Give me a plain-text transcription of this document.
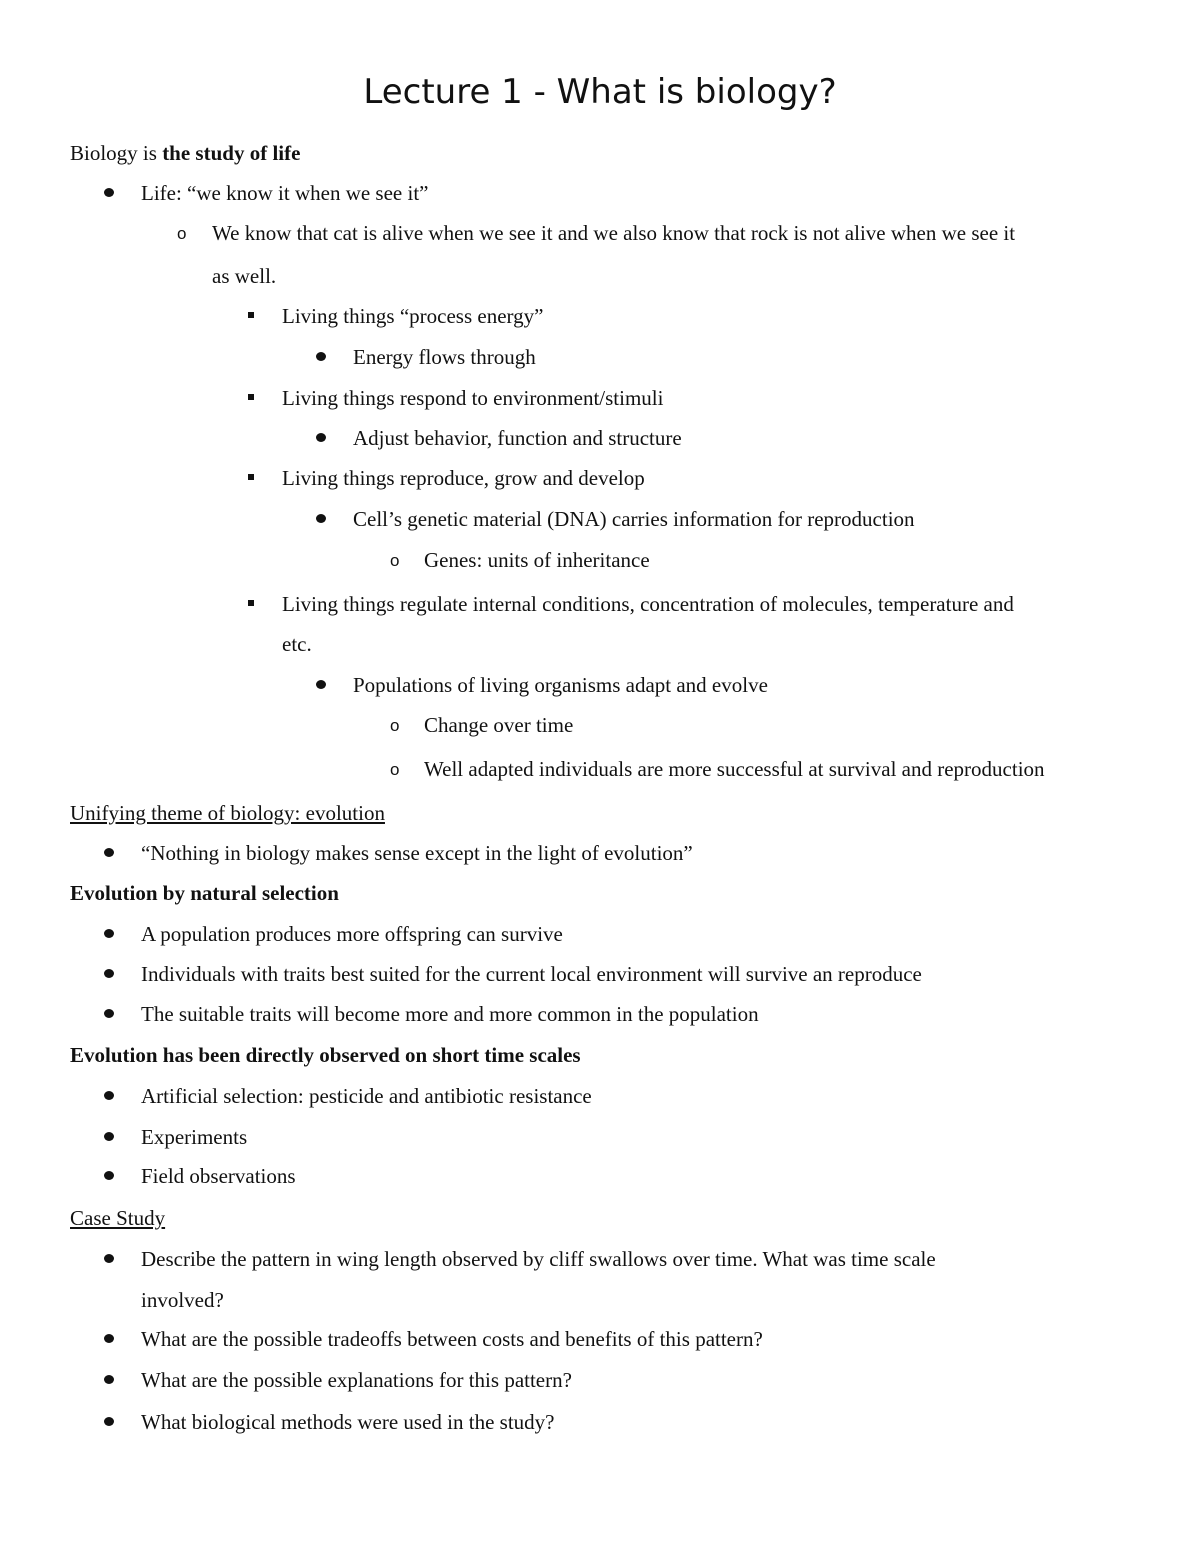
Lecture 1 - What is biology?
Biology is the study of life
Life: “we know it when we see it”
o We know that cat is alive when we see it and we also know that rock is not alive when we see it
as well.
Living things “process energy”
Energy flows through
Living things respond to environment/stimuli
Adjust behavior, function and structure
Living things reproduce, grow and develop
Cell’s genetic material (DNA) carries information for reproduction
o Genes: units of inheritance
Living things regulate internal conditions, concentration of molecules, temperature and
etc.
Populations of living organisms adapt and evolve
o Change over time
o Well adapted individuals are more successful at survival and reproduction
Unifying theme of biology: evolution
“Nothing in biology makes sense except in the light of evolution”
Evolution by natural selection
A population produces more offspring can survive
Individuals with traits best suited for the current local environment will survive an reproduce
The suitable traits will become more and more common in the population
Evolution has been directly observed on short time scales
Artificial selection: pesticide and antibiotic resistance
Experiments
Field observations
Case Study
Describe the pattern in wing length observed by cliff swallows over time. What was time scale
involved?
What are the possible tradeoffs between costs and benefits of this pattern?
What are the possible explanations for this pattern?
What biological methods were used in the study?
